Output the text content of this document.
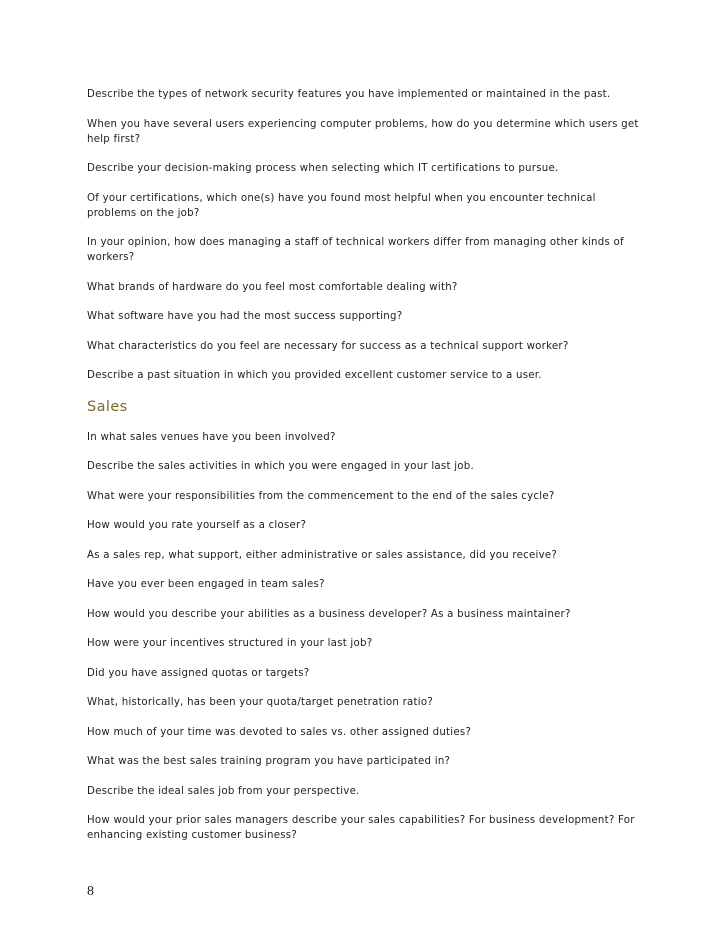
Describe the types of network security features you have implemented or maintained in the past.

When you have several users experiencing computer problems, how do you determine which users get help first?

Describe your decision-making process when selecting which IT certifications to pursue.

Of your certifications, which one(s) have you found most helpful when you encounter technical problems on the job?

In your opinion, how does managing a staff of technical workers differ from managing other kinds of workers?

What brands of hardware do you feel most comfortable dealing with?

What software have you had the most success supporting?

What characteristics do you feel are necessary for success as a technical support worker?

Describe a past situation in which you provided excellent customer service to a user.

Sales

In what sales venues have you been involved?

Describe the sales activities in which you were engaged in your last job.

What were your responsibilities from the commencement to the end of the sales cycle?

How would you rate yourself as a closer?

As a sales rep, what support, either administrative or sales assistance, did you receive?

Have you ever been engaged in team sales?

How would you describe your abilities as a business developer? As a business maintainer?

How were your incentives structured in your last job?

Did you have assigned quotas or targets?

What, historically, has been your quota/target penetration ratio?

How much of your time was devoted to sales vs. other assigned duties?

What was the best sales training program you have participated in?

Describe the ideal sales job from your perspective.

How would your prior sales managers describe your sales capabilities? For business development? For enhancing existing customer business?

8
